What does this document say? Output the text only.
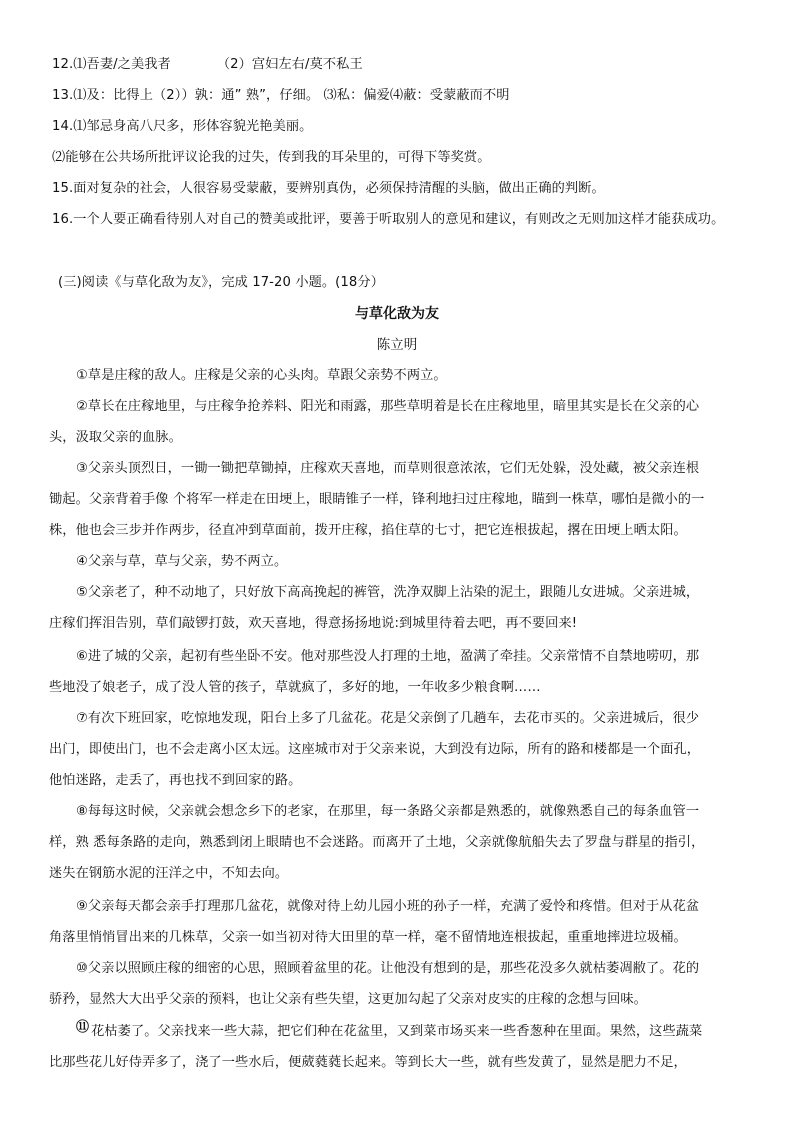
12.⑴吾妻/之美我者	（2）宫妇左右/莫不私王
13.⑴及：比得上（2））孰：通” 熟”，仔细。 ⑶私：偏爱⑷蔽：受蒙蔽而不明
14.⑴邹忌身高八尺多，形体容貌光艳美丽。
⑵能够在公共场所批评议论我的过失，传到我的耳朵里的，可得下等奖赏。
15.面对复杂的社会，人很容易受蒙蔽，要辨别真伪，必须保持清醒的头脑，做出正确的判断。
16.一个人要正确看待别人对自己的赞美或批评，要善于听取别人的意见和建议，有则改之无则加这样才能获成功。
(三)阅读《与草化敌为友》，完成 17-20 小题。(18分）
与草化敌为友
陈立明
①草是庄稼的敌人。庄稼是父亲的心头肉。草跟父亲势不两立。
②草长在庄稼地里，与庄稼争抢养料、阳光和雨露，那些草明着是长在庄稼地里，暗里其实是长在父亲的心
头，汲取父亲的血脉。
③父亲头顶烈日，一锄一锄把草锄掉，庄稼欢天喜地，而草则很意浓浓，它们无处躲，没处藏，被父亲连根
锄起。父亲背着手像 个将军一样走在田埂上，眼睛锥子一样，锋利地扫过庄稼地，瞄到一株草，哪怕是微小的一
株，他也会三步并作两步，径直冲到草面前，拨开庄稼，掐住草的七寸，把它连根拔起，撂在田埂上晒太阳。
④父亲与草，草与父亲，势不两立。
⑤父亲老了，种不动地了，只好放下高高挽起的裤管，洗净双脚上沾染的泥土，跟随儿女进城。父亲进城，
庄稼们挥泪告别，草们敲锣打鼓，欢天喜地，得意扬扬地说:到城里待着去吧，再不要回来!
⑥进了城的父亲，起初有些坐卧不安。他对那些没人打理的土地，盈满了牵挂。父亲常情不自禁地唠叨，那
些地没了娘老子，成了没人管的孩子，草就疯了，多好的地，一年收多少粮食啊……
⑦有次下班回家，吃惊地发现，阳台上多了几盆花。花是父亲倒了几趟车，去花市买的。父亲进城后，很少
出门，即使出门，也不会走离小区太远。这座城市对于父亲来说，大到没有边际，所有的路和楼都是一个面孔，
他怕迷路，走丢了，再也找不到回家的路。
⑧每每这时候，父亲就会想念乡下的老家，在那里，每一条路父亲都是熟悉的，就像熟悉自己的每条血管一
样，熟 悉每条路的走向，熟悉到闭上眼睛也不会迷路。而离开了土地，父亲就像航船失去了罗盘与群星的指引，
迷失在钢筋水泥的汪洋之中，不知去向。
⑨父亲每天都会亲手打理那几盆花，就像对待上幼儿园小班的孙子一样，充满了爱怜和疼惜。但对于从花盆
角落里悄悄冒出来的几株草，父亲一如当初对待大田里的草一样，毫不留情地连根拔起，重重地摔进垃圾桶。
⑩父亲以照顾庄稼的细密的心思，照顾着盆里的花。让他没有想到的是，那些花没多久就枯萎凋敝了。花的
骄矜，显然大大出乎父亲的预料，也让父亲有些失望，这更加勾起了父亲对皮实的庄稼的念想与回味。
⑪ 花枯萎了。父亲找来一些大蒜，把它们种在花盆里，又到菜市场买来一些香葱种在里面。果然，这些蔬菜
比那些花儿好侍弄多了，浇了一些水后，便葳蕤蕤长起来。等到长大一些，就有些发黄了，显然是肥力不足，
